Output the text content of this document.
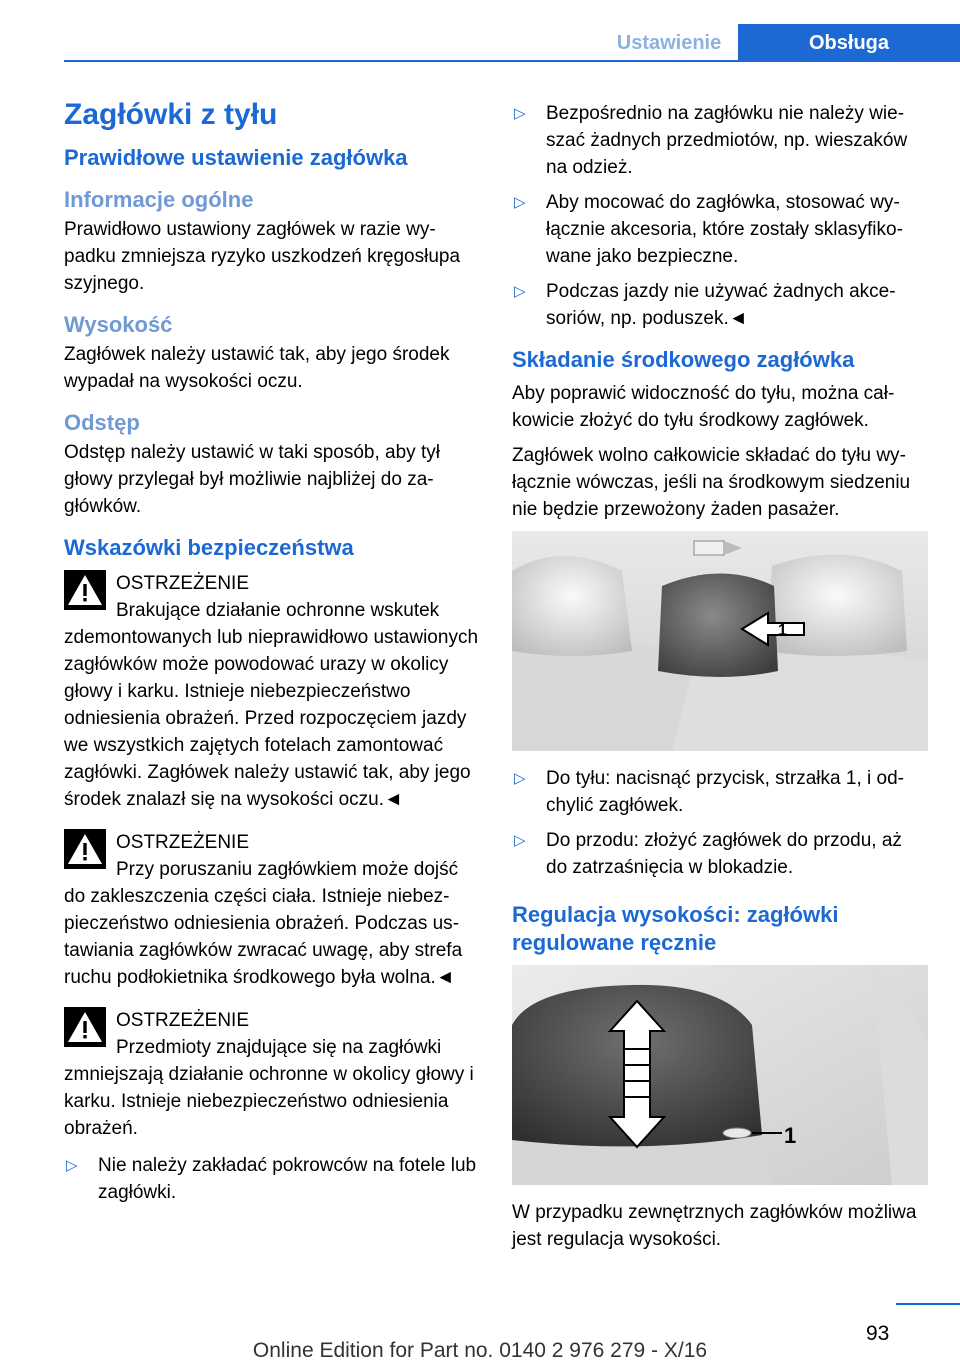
Ustawienie	Obsługa
Zagłówki z tyłu
Prawidłowe ustawienie zagłówka
Informacje ogólne
Prawidłowo ustawiony zagłówek w razie wypadku zmniejsza ryzyko uszkodzeń kręgosłupa szyjnego.
Wysokość
Zagłówek należy ustawić tak, aby jego środek wypadał na wysokości oczu.
Odstęp
Odstęp należy ustawić w taki sposób, aby tył głowy przylegał był możliwie najbliżej do zagłówków.
Wskazówki bezpieczeństwa
OSTRZEŻENIE
Brakujące działanie ochronne wskutek
zdemontowanych lub nieprawidłowo ustawionych zagłówków może powodować urazy w okolicy głowy i karku. Istnieje niebezpieczeństwo odniesienia obrażeń. Przed rozpoczęciem jazdy we wszystkich zajętych fotelach zamontować zagłówki. Zagłówek należy ustawić tak, aby jego środek znalazł się na wysokości oczu.◄
OSTRZEŻENIE
Przy poruszaniu zagłówkiem może dojść
do zakleszczenia części ciała. Istnieje niebezpieczeństwo odniesienia obrażeń. Podczas ustawiania zagłówków zwracać uwagę, aby strefa ruchu podłokietnika środkowego była wolna.◄
OSTRZEŻENIE
Przedmioty znajdujące się na zagłówki
zmniejszają działanie ochronne w okolicy głowy i karku. Istnieje niebezpieczeństwo odniesienia obrażeń.
▷ Nie należy zakładać pokrowców na fotele lub zagłówki.
▷ Bezpośrednio na zagłówku nie należy wieszać żadnych przedmiotów, np. wieszaków na odzież.
▷ Aby mocować do zagłówka, stosować wyłącznie akcesoria, które zostały sklasyfikowane jako bezpieczne.
▷ Podczas jazdy nie używać żadnych akcesoriów, np. poduszek.◄
Składanie środkowego zagłówka
Aby poprawić widoczność do tyłu, można całkowicie złożyć do tyłu środkowy zagłówek.
Zagłówek wolno całkowicie składać do tyłu wyłącznie wówczas, jeśli na środkowym siedzeniu nie będzie przewożony żaden pasażer.
1
▷ Do tyłu: nacisnąć przycisk, strzałka 1, i odchylić zagłówek.
▷ Do przodu: złożyć zagłówek do przodu, aż do zatrzaśnięcia w blokadzie.
Regulacja wysokości: zagłówki regulowane ręcznie
1
W przypadku zewnętrznych zagłówków możliwa jest regulacja wysokości.
93
Online Edition for Part no. 0140 2 976 279 - X/16
